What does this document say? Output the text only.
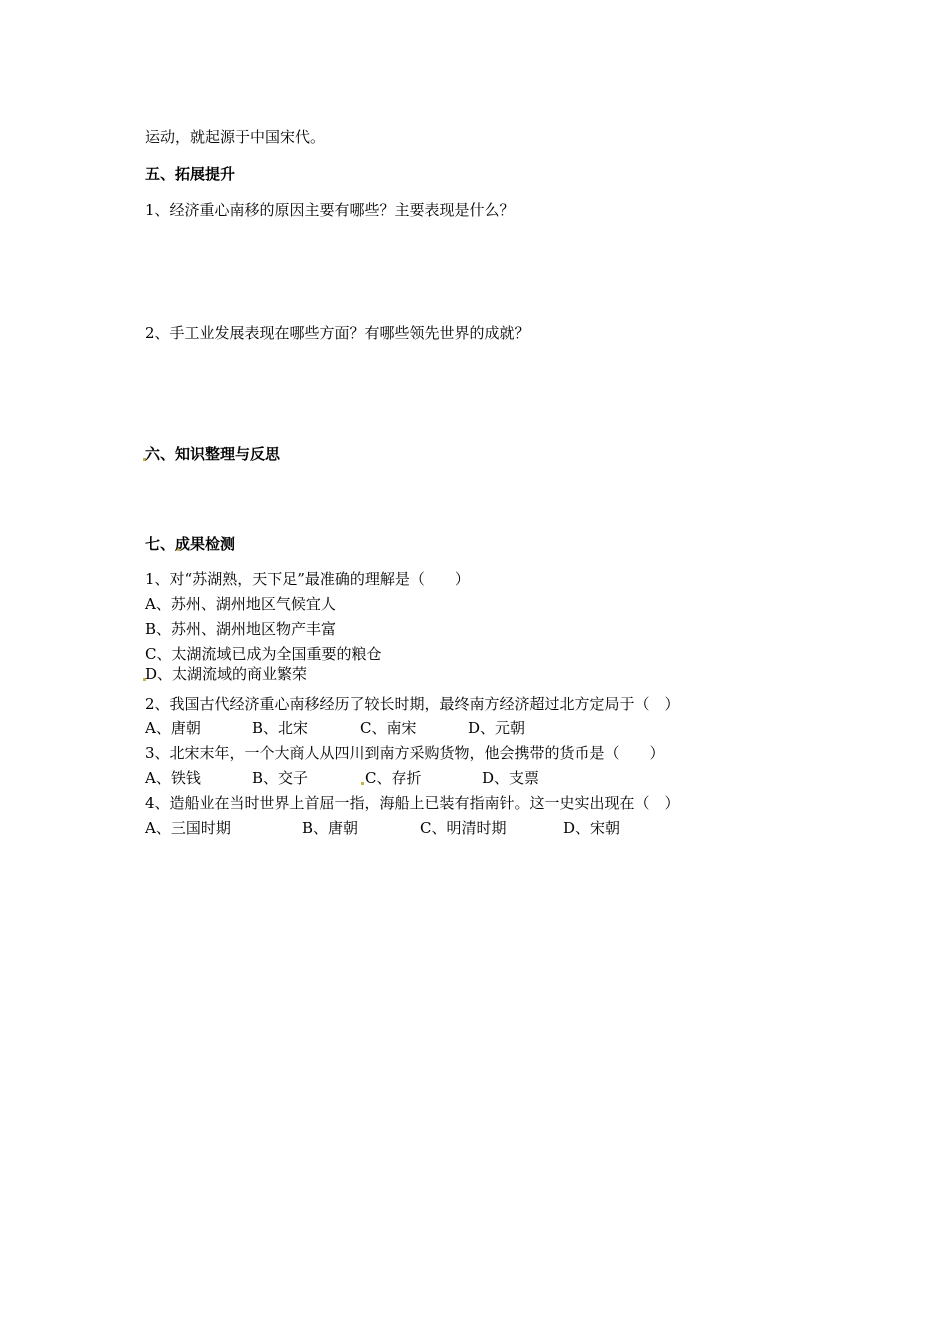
运动，就起源于中国宋代。
五、拓展提升
1、经济重心南移的原因主要有哪些？主要表现是什么？
2、手工业发展表现在哪些方面？有哪些领先世界的成就？
六、知识整理与反思
七、成果检测
1、对“苏湖熟，天下足”最准确的理解是（　　）
A、苏州、湖州地区气候宜人
B、苏州、湖州地区物产丰富
C、太湖流域已成为全国重要的粮仓
D、太湖流域的商业繁荣
2、我国古代经济重心南移经历了较长时期，最终南方经济超过北方定局于（　）
A、唐朝	B、北宋	C、南宋	D、元朝
3、北宋末年，一个大商人从四川到南方采购货物，他会携带的货币是（　　）
A、铁钱	B、交子	C、存折	D、支票
4、造船业在当时世界上首屈一指，海船上已装有指南针。这一史实出现在（　）
A、三国时期	B、唐朝	C、明清时期	D、宋朝
